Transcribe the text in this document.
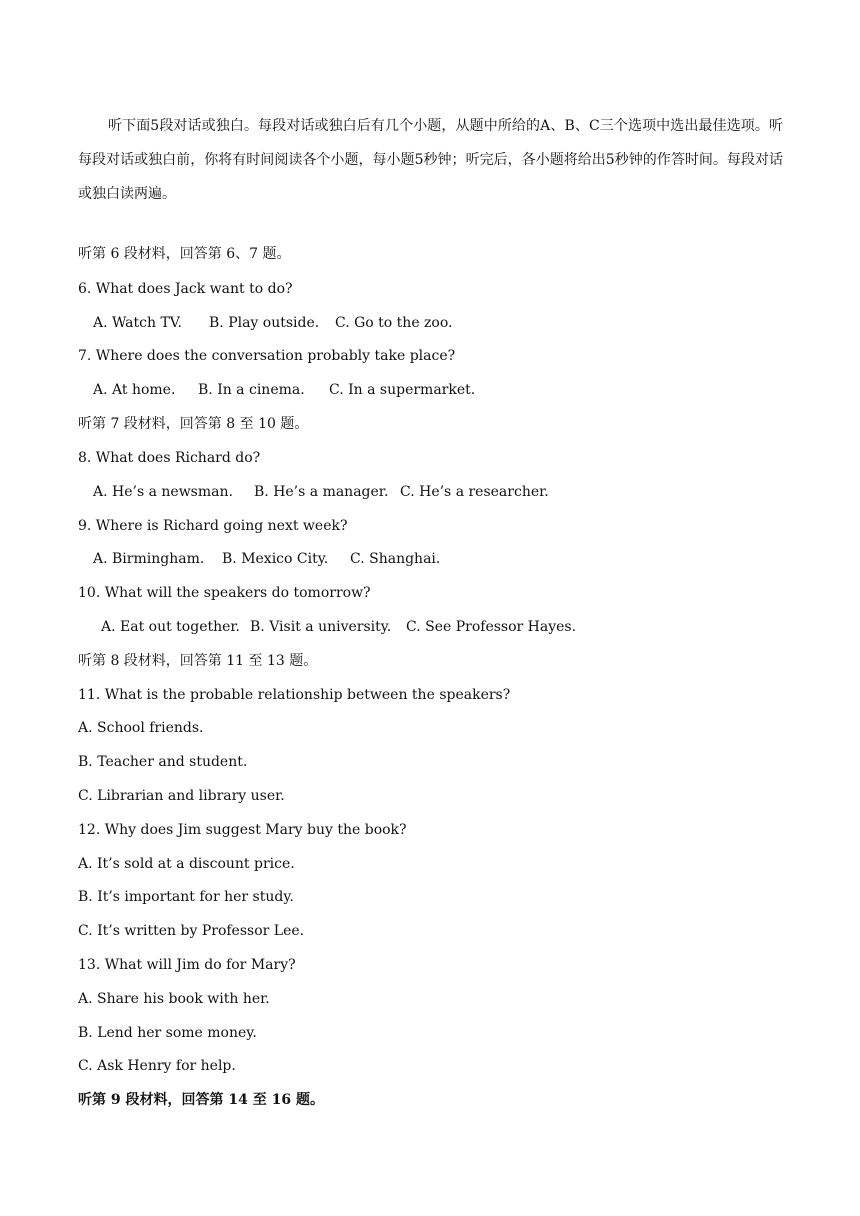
听下面5段对话或独白。每段对话或独白后有几个小题，从题中所给的A、B、C三个选项中选出最佳选项。听每段对话或独白前，你将有时间阅读各个小题，每小题5秒钟；听完后，各小题将给出5秒钟的作答时间。每段对话或独白读两遍。
听第 6 段材料，回答第 6、7 题。
6. What does Jack want to do?
A. Watch TV. B. Play outside. C. Go to the zoo.
7. Where does the conversation probably take place?
A. At home. B. In a cinema. C. In a supermarket.
听第 7 段材料，回答第 8 至 10 题。
8. What does Richard do?
A. He’s a newsman. B. He’s a manager. C. He’s a researcher.
9. Where is Richard going next week?
A. Birmingham. B. Mexico City. C. Shanghai.
10. What will the speakers do tomorrow?
A. Eat out together. B. Visit a university. C. See Professor Hayes.
听第 8 段材料，回答第 11 至 13 题。
11. What is the probable relationship between the speakers?
A. School friends.
B. Teacher and student.
C. Librarian and library user.
12. Why does Jim suggest Mary buy the book?
A. It’s sold at a discount price.
B. It’s important for her study.
C. It’s written by Professor Lee.
13. What will Jim do for Mary?
A. Share his book with her.
B. Lend her some money.
C. Ask Henry for help.
听第 9 段材料，回答第 14 至 16 题。
